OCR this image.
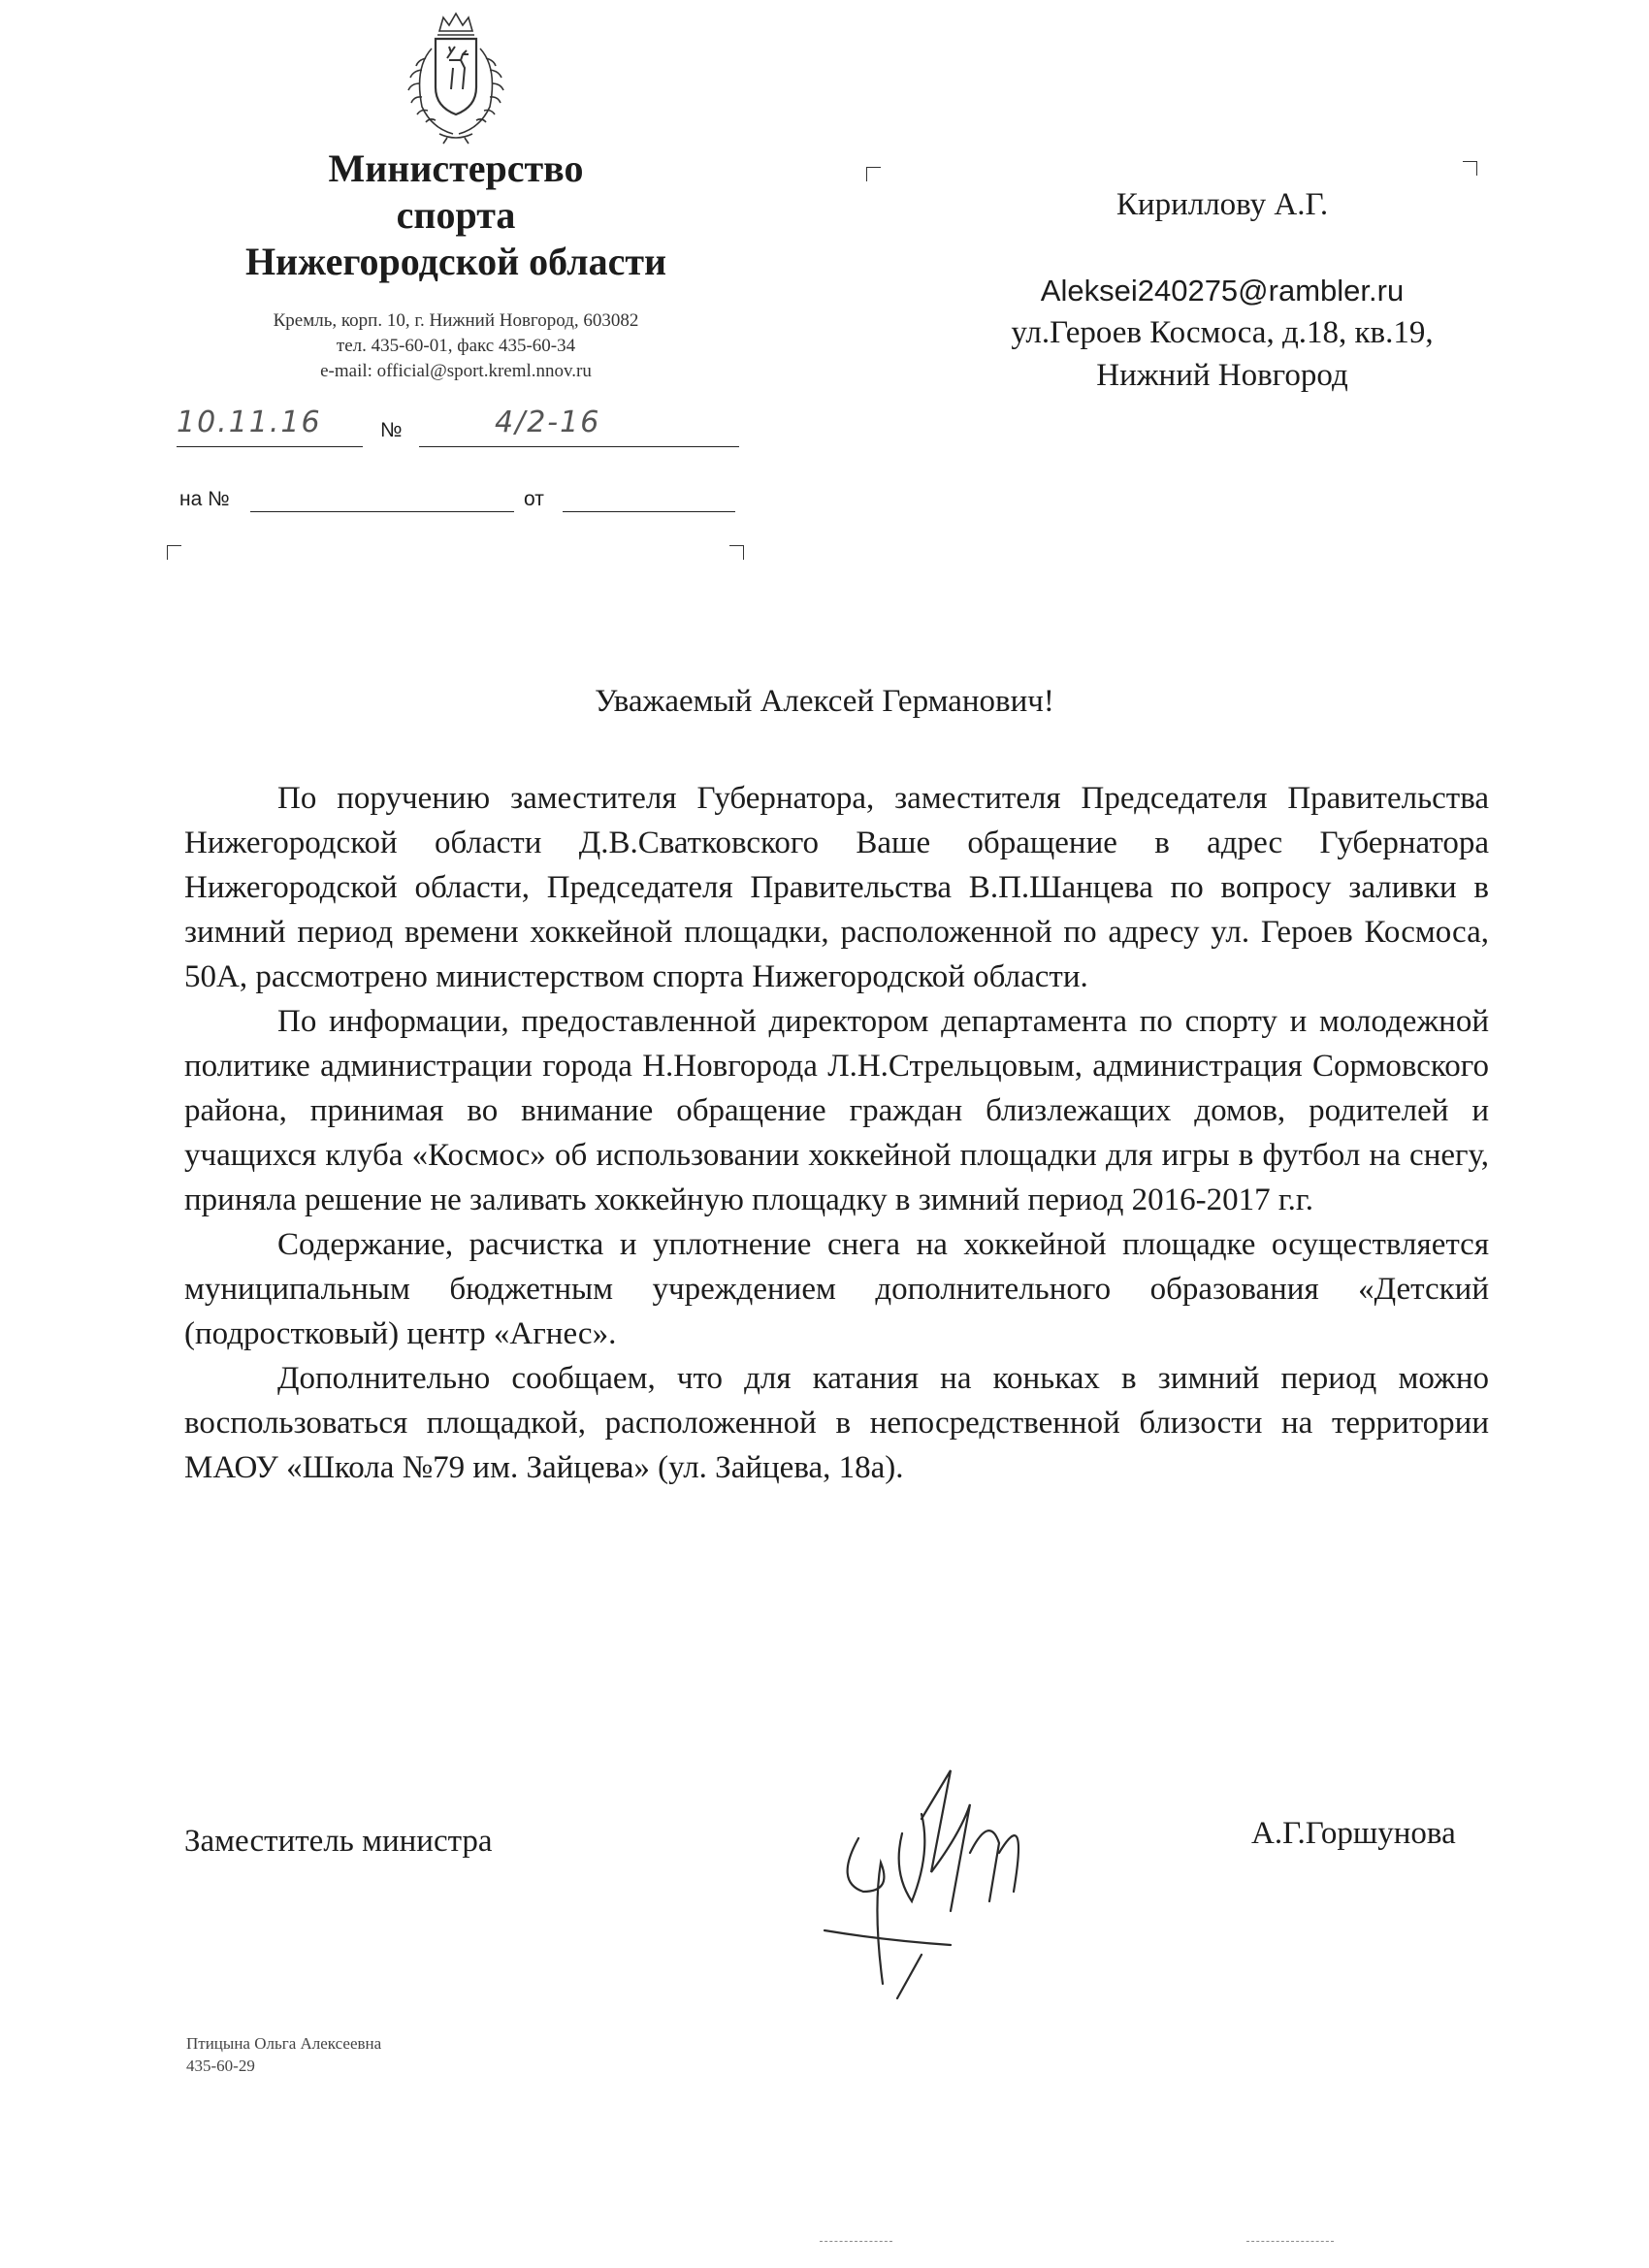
Министерство
спорта
Нижегородской области
Кремль, корп. 10, г. Нижний Новгород, 603082
тел. 435-60-01, факс 435-60-34
e-mail: official@sport.kreml.nnov.ru
10.11.16	№	4/2-16
на №	от
Кириллову А.Г.
Aleksei240275@rambler.ru
ул.Героев Космоса, д.18, кв.19,
Нижний Новгород
Уважаемый Алексей Германович!

По поручению заместителя Губернатора, заместителя Председателя Правительства Нижегородской области Д.В.Сватковского Ваше обращение в адрес Губернатора Нижегородской области, Председателя Правительства В.П.Шанцева по вопросу заливки в зимний период времени хоккейной площадки, расположенной по адресу ул. Героев Космоса, 50А, рассмотрено министерством спорта Нижегородской области.

По информации, предоставленной директором департамента по спорту и молодежной политике администрации города Н.Новгорода Л.Н.Стрельцовым, администрация Сормовского района, принимая во внимание обращение граждан близлежащих домов, родителей и учащихся клуба «Космос» об использовании хоккейной площадки для игры в футбол на снегу, приняла решение не заливать хоккейную площадку в зимний период 2016-2017 г.г.

Содержание, расчистка и уплотнение снега на хоккейной площадке осуществляется муниципальным бюджетным учреждением дополнительного образования «Детский (подростковый) центр «Агнес».

Дополнительно сообщаем, что для катания на коньках в зимний период можно воспользоваться площадкой, расположенной в непосредственной близости на территории МАОУ «Школа №79 им. Зайцева» (ул. Зайцева, 18а).

Заместитель министра	А.Г.Горшунова
Птицына Ольга Алексеевна
435-60-29
